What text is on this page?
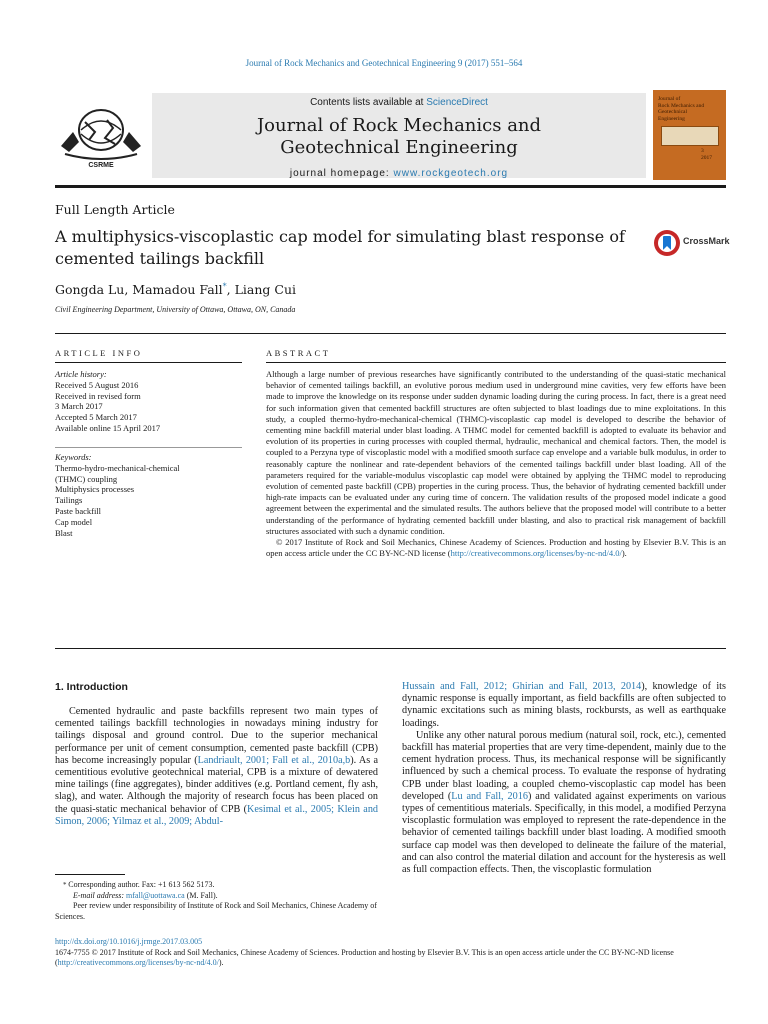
Journal of Rock Mechanics and Geotechnical Engineering 9 (2017) 551–564
CSRME
Contents lists available at ScienceDirect
Journal of Rock Mechanics and
Geotechnical Engineering
journal homepage: www.rockgeotech.org
Journal of
Rock Mechanics and
Geotechnical
Engineering
3
2017
Full Length Article
A multiphysics-viscoplastic cap model for simulating blast response of cemented tailings backfill
CrossMark
Gongda Lu, Mamadou Fall*, Liang Cui
Civil Engineering Department, University of Ottawa, Ottawa, ON, Canada
ARTICLE INFO
Article history:
Received 5 August 2016
Received in revised form
3 March 2017
Accepted 5 March 2017
Available online 15 April 2017
Keywords:
Thermo-hydro-mechanical-chemical
(THMC) coupling
Multiphysics processes
Tailings
Paste backfill
Cap model
Blast
ABSTRACT
Although a large number of previous researches have significantly contributed to the understanding of the quasi-static mechanical behavior of cemented tailings backfill, an evolutive porous medium used in underground mine cavities, very few efforts have been made to improve the knowledge on its response under sudden dynamic loading during the curing process. In fact, there is a great need for such information given that cemented backfill structures are often subjected to blast loadings due to mine exploitations. In this study, a coupled thermo-hydro-mechanical-chemical (THMC)-viscoplastic cap model is developed to describe the behavior of cementing mine backfill material under blast loading. A THMC model for cemented backfill is adopted to evaluate its behavior and evolution of its properties in curing processes with coupled thermal, hydraulic, mechanical and chemical factors. Then, the model is coupled to a Perzyna type of viscoplastic model with a modified smooth surface cap envelope and a variable bulk modulus, in order to reasonably capture the nonlinear and rate-dependent behaviors of the cemented tailings backfill under blast loading. All of the parameters required for the variable-modulus viscoplastic cap model were obtained by applying the THMC model to reproducing evolution of cemented paste backfill (CPB) properties in the curing process. Thus, the behavior of hydrating cemented backfill under high-rate impacts can be evaluated under any curing time of concern. The validation results of the proposed model indicate a good agreement between the experimental and the simulated results. The authors believe that the proposed model will contribute to a better understanding of the performance of hydrating cemented backfill under blasting, and also to practical risk management of backfill structures associated with such a dynamic condition.
© 2017 Institute of Rock and Soil Mechanics, Chinese Academy of Sciences. Production and hosting by Elsevier B.V. This is an open access article under the CC BY-NC-ND license (http://creativecommons.org/licenses/by-nc-nd/4.0/).
1. Introduction

Cemented hydraulic and paste backfills represent two main types of cemented tailings backfill technologies in nowadays mining industry for tailings disposal and ground control. Due to the superior mechanical performance per unit of cement consumption, cemented paste backfill (CPB) has become increasingly popular (Landriault, 2001; Fall et al., 2010a,b). As a cementitious evolutive geotechnical material, CPB is a mixture of dewatered mine tailings (fine aggregates), binder additives (e.g. Portland cement, fly ash, slag), and water. Although the majority of research focus has been placed on the quasi-static mechanical behavior of CPB (Kesimal et al., 2005; Klein and Simon, 2006; Yilmaz et al., 2009; Abdul-

Hussain and Fall, 2012; Ghirian and Fall, 2013, 2014), knowledge of its dynamic response is equally important, as field backfills are often subjected to dynamic excitations such as mining blasts, rockbursts, as well as earthquake loadings.

Unlike any other natural porous medium (natural soil, rock, etc.), cemented backfill has material properties that are very time-dependent, mainly due to the cement hydration process. Thus, its mechanical response will be significantly influenced by such a chemical process. To evaluate the response of hydrating CPB under blast loading, a coupled chemo-viscoplastic cap model has been developed (Lu and Fall, 2016) and validated against experiments on various types of cementitious materials. Specifically, in this model, a modified Perzyna viscoplastic formulation was employed to represent the rate-dependence in the behavior of cemented tailings backfill under blast loading. A modified smooth surface cap model was then developed to delineate the failure of the material, and can also control the material dilation and account for the hysteresis as well as full compaction effects. Then, the viscoplastic formulation

* Corresponding author. Fax: +1 613 562 5173.
E-mail address: mfall@uottawa.ca (M. Fall).
Peer review under responsibility of Institute of Rock and Soil Mechanics, Chinese Academy of Sciences.
http://dx.doi.org/10.1016/j.jrmge.2017.03.005
1674-7755 © 2017 Institute of Rock and Soil Mechanics, Chinese Academy of Sciences. Production and hosting by Elsevier B.V. This is an open access article under the CC BY-NC-ND license (http://creativecommons.org/licenses/by-nc-nd/4.0/).
